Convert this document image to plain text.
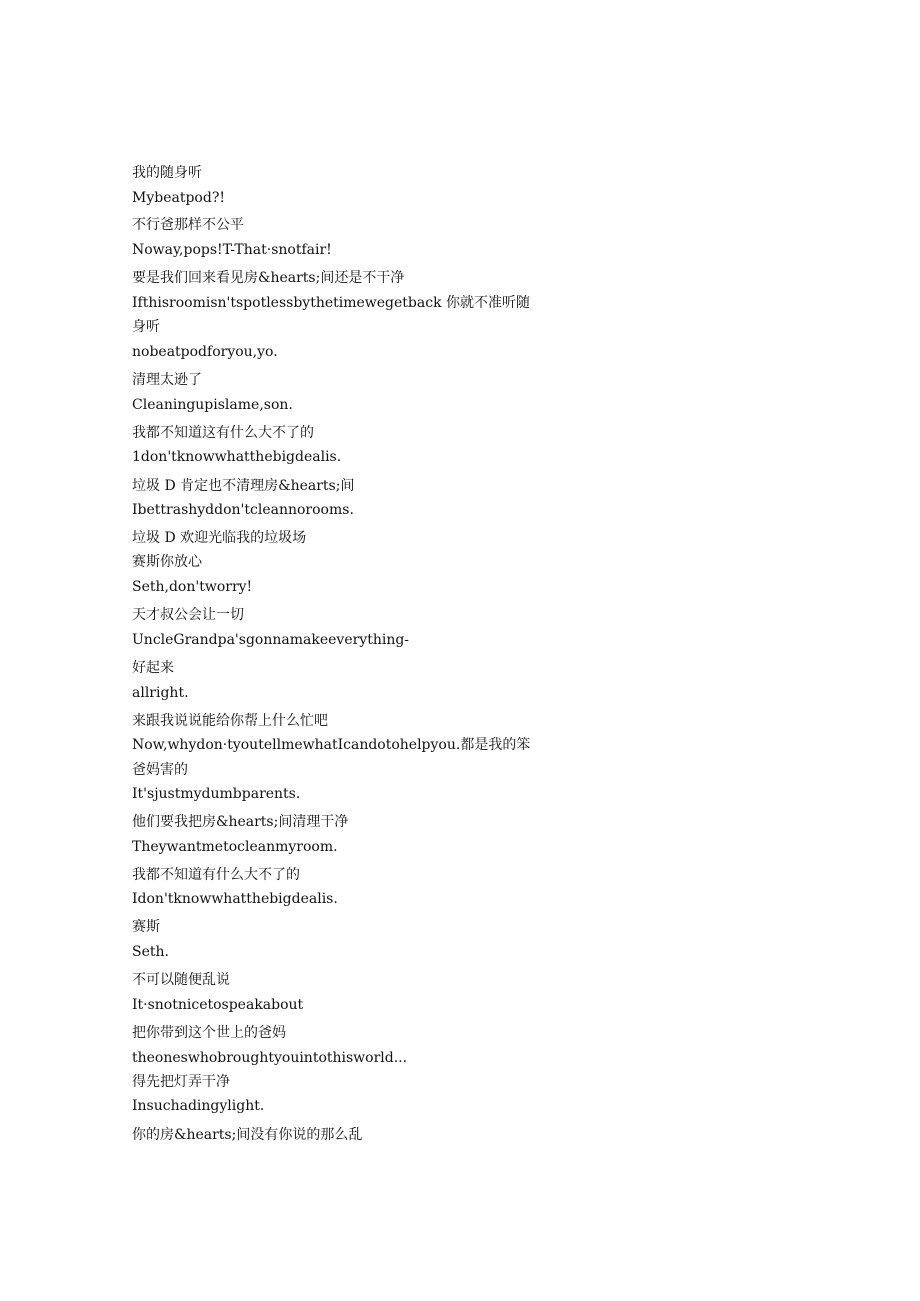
我的随身听
Mybeatpod?!
不行爸那样不公平
Noway,pops!T-That·snotfair!
要是我们回来看见房&hearts;间还是不干净
Ifthisroomisn'tspotlessbythetimewegetback 你就不准听随
身听
nobeatpodforyou,yo.
清理太逊了
Cleaningupislame,son.
我都不知道这有什么大不了的
1don'tknowwhatthebigdealis.
垃圾 D 肯定也不清理房&hearts;间
Ibettrashyddon'tcleannorooms.
垃圾 D 欢迎光临我的垃圾场
赛斯你放心
Seth,don'tworry!
天才叔公会让一切
UncleGrandpa'sgonnamakeeverything-
好起来
allright.
来跟我说说能给你帮上什么忙吧
Now,whydon·tyoutellmewhatIcandotohelpyou.都是我的笨
爸妈害的
It'sjustmydumbparents.
他们要我把房&hearts;间清理干净
Theywantmetocleanmyroom.
我都不知道有什么大不了的
Idon'tknowwhatthebigdealis.
赛斯
Seth.
不可以随便乱说
It·snotnicetospeakabout
把你带到这个世上的爸妈
theoneswhobroughtyouintothisworld...
得先把灯弄干净
Insuchadingylight.
你的房&hearts;间没有你说的那么乱
